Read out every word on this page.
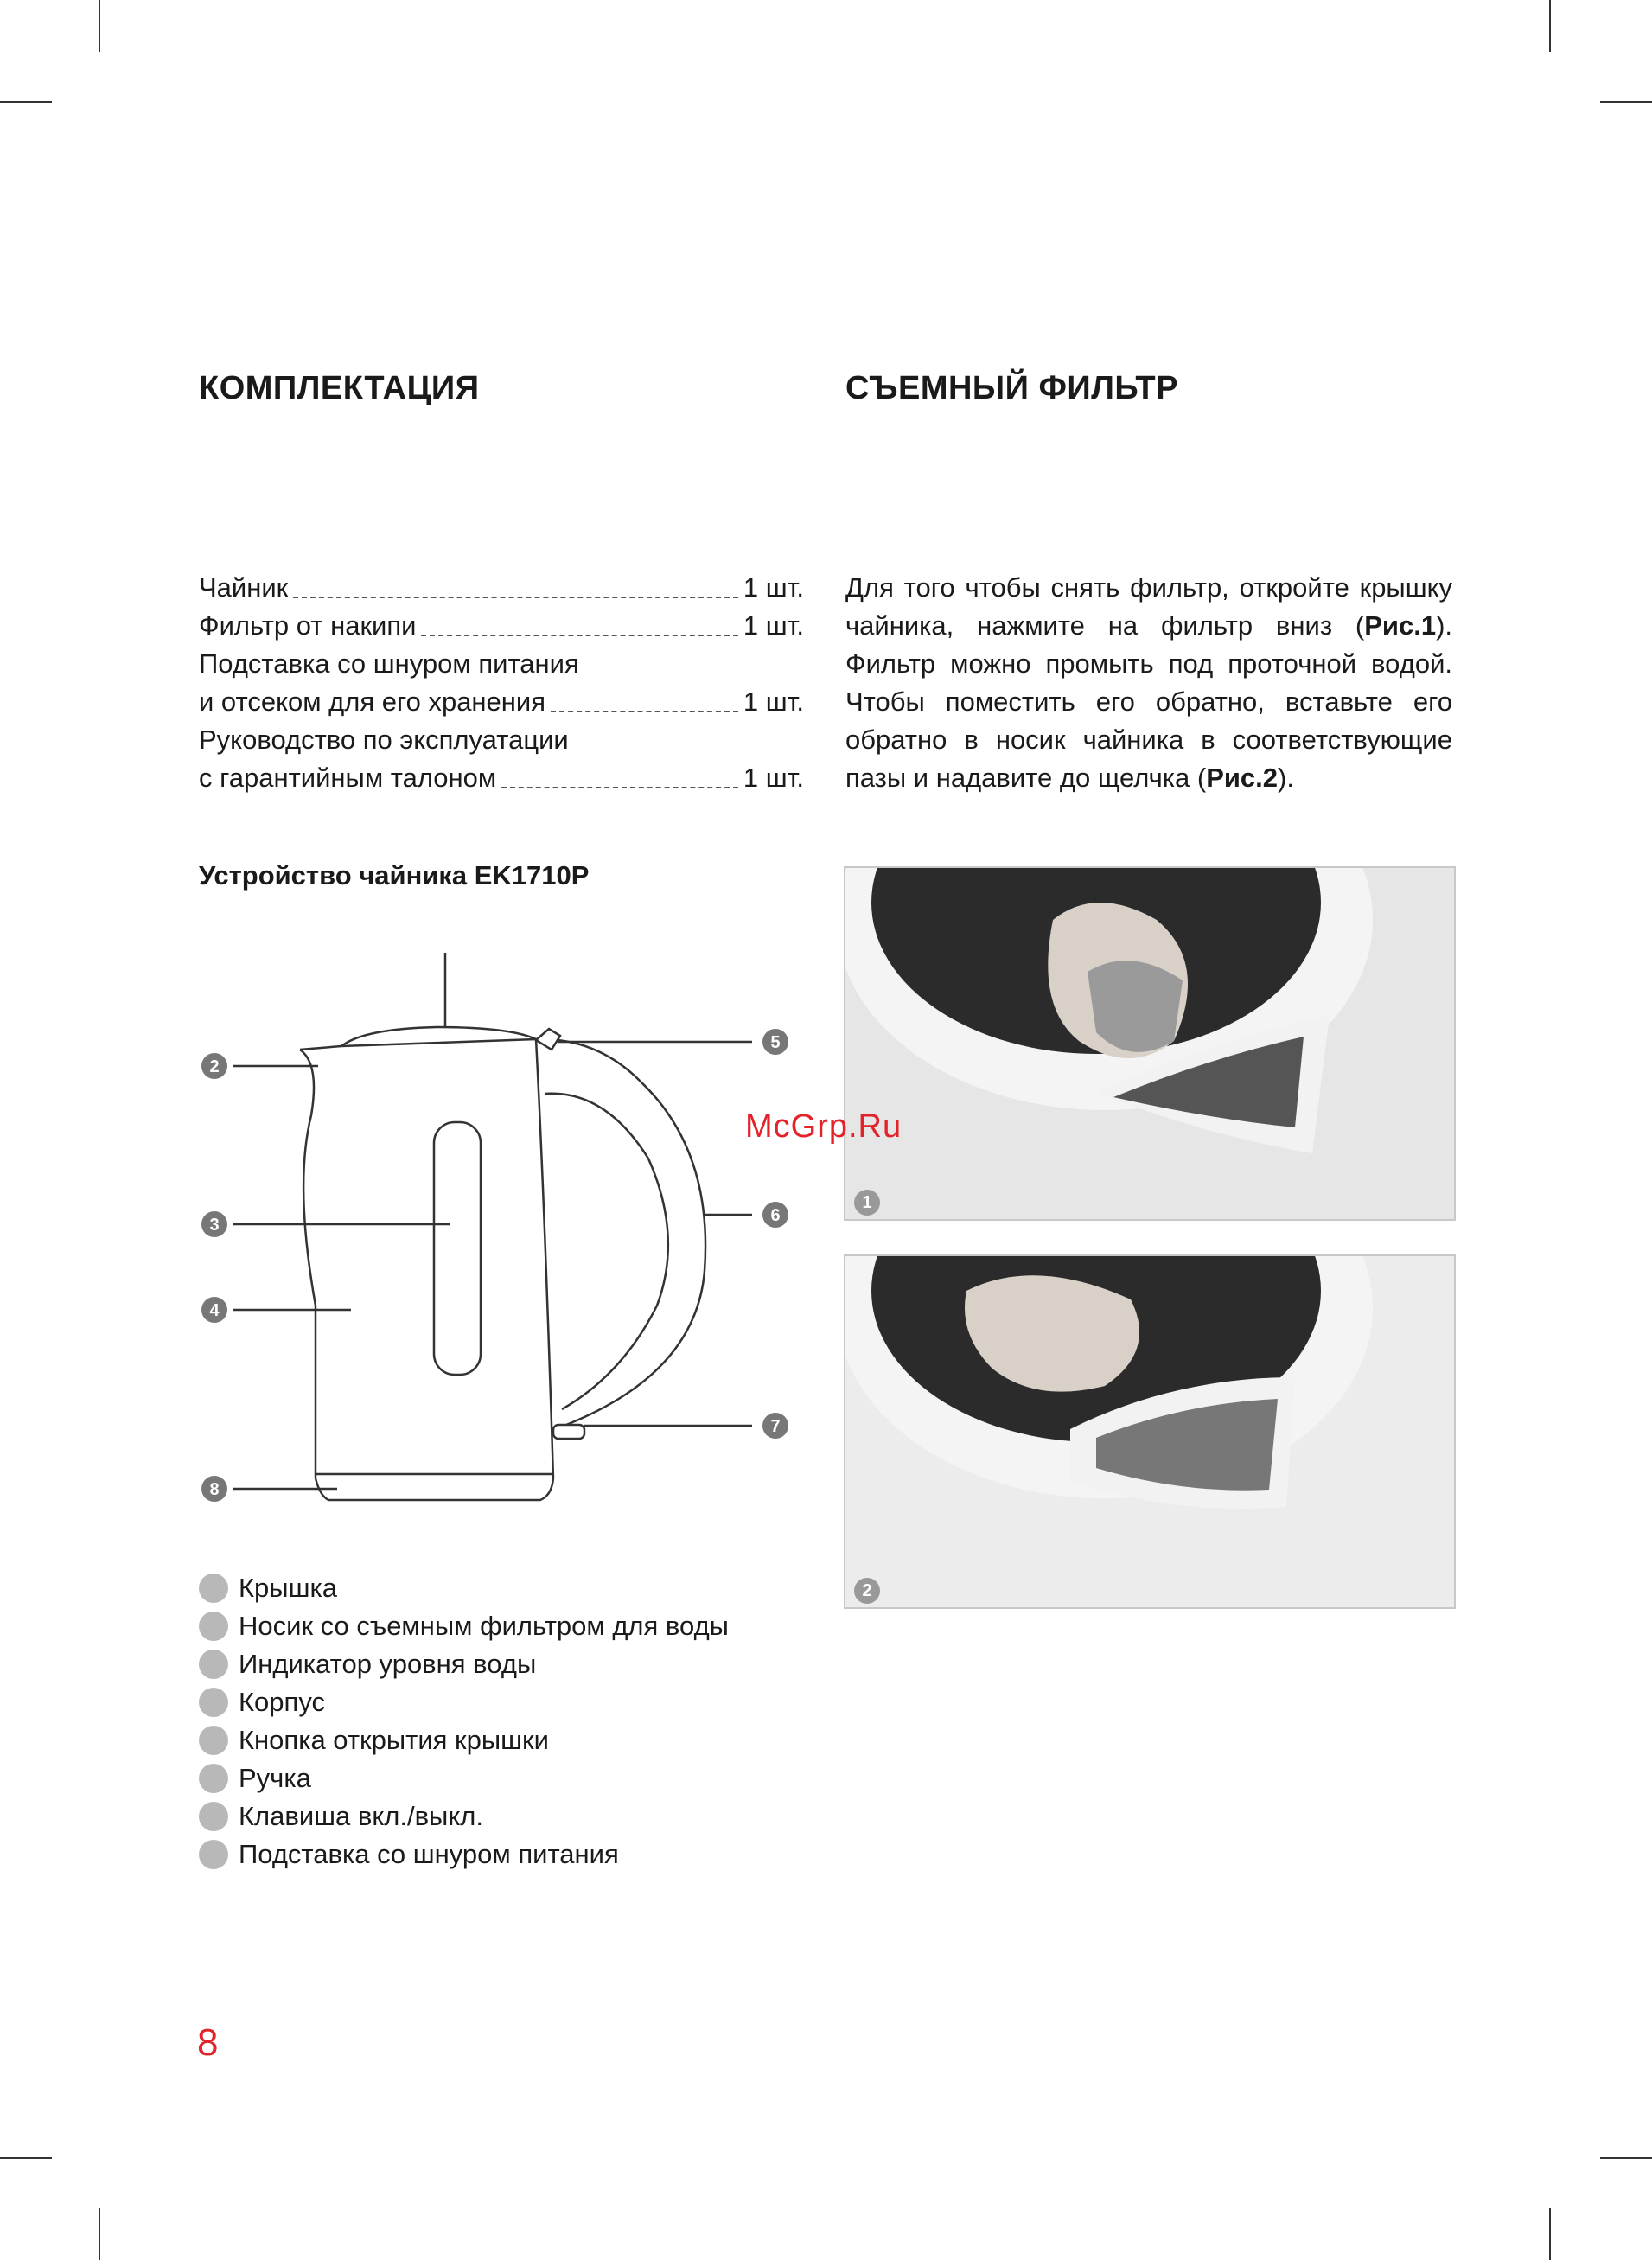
КОМПЛЕКТАЦИЯ	СЪЕМНЫЙ ФИЛЬТР
Чайник	1 шт.
Фильтр от накипи	1 шт.
Подставка со шнуром питания
и отсеком для его хранения	1 шт.
Руководство по эксплуатации
с гарантийным талоном	1 шт.
Для того чтобы снять фильтр, откройте крышку чайника, нажмите на фильтр вниз (Рис.1). Фильтр можно промыть под проточной водой. Чтобы поместить его обратно, вставьте его обратно в носик чайника в соответствующие пазы и надавите до щелчка (Рис.2).
Устройство чайника EK1710P
2
3
4
5
6
7
8
Крышка
Носик со съемным фильтром для воды
Индикатор уровня воды
Корпус
Кнопка открытия крышки
Ручка
Клавиша вкл./выкл.
Подставка со шнуром питания
1
2
McGrp.Ru
8
